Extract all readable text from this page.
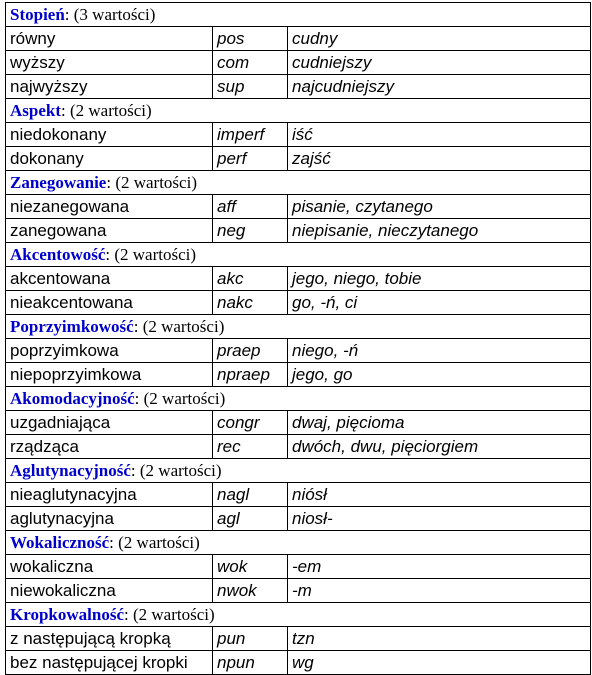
Stopień: (3 wartości)		
równy	pos	cudny
wyższy	com	cudniejszy
najwyższy	sup	najcudniejszy
Aspekt: (2 wartości)		
niedokonany	imperf	iść
dokonany	perf	zajść
Zanegowanie: (2 wartości)		
niezanegowana	aff	pisanie, czytanego
zanegowana	neg	niepisanie, nieczytanego
Akcentowość: (2 wartości)		
akcentowana	akc	jego, niego, tobie
nieakcentowana	nakc	go, -ń, ci
Poprzyimkowość: (2 wartości)		
poprzyimkowa	praep	niego, -ń
niepoprzyimkowa	npraep	jego, go
Akomodacyjność: (2 wartości)		
uzgadniająca	congr	dwaj, pięcioma
rządząca	rec	dwóch, dwu, pięciorgiem
Aglutynacyjność: (2 wartości)		
nieaglutynacyjna	nagl	niósł
aglutynacyjna	agl	niosł-
Wokaliczność: (2 wartości)		
wokaliczna	wok	-em
niewokaliczna	nwok	-m
Kropkowalność: (2 wartości)		
z następującą kropką	pun	tzn
bez następującej kropki	npun	wg
